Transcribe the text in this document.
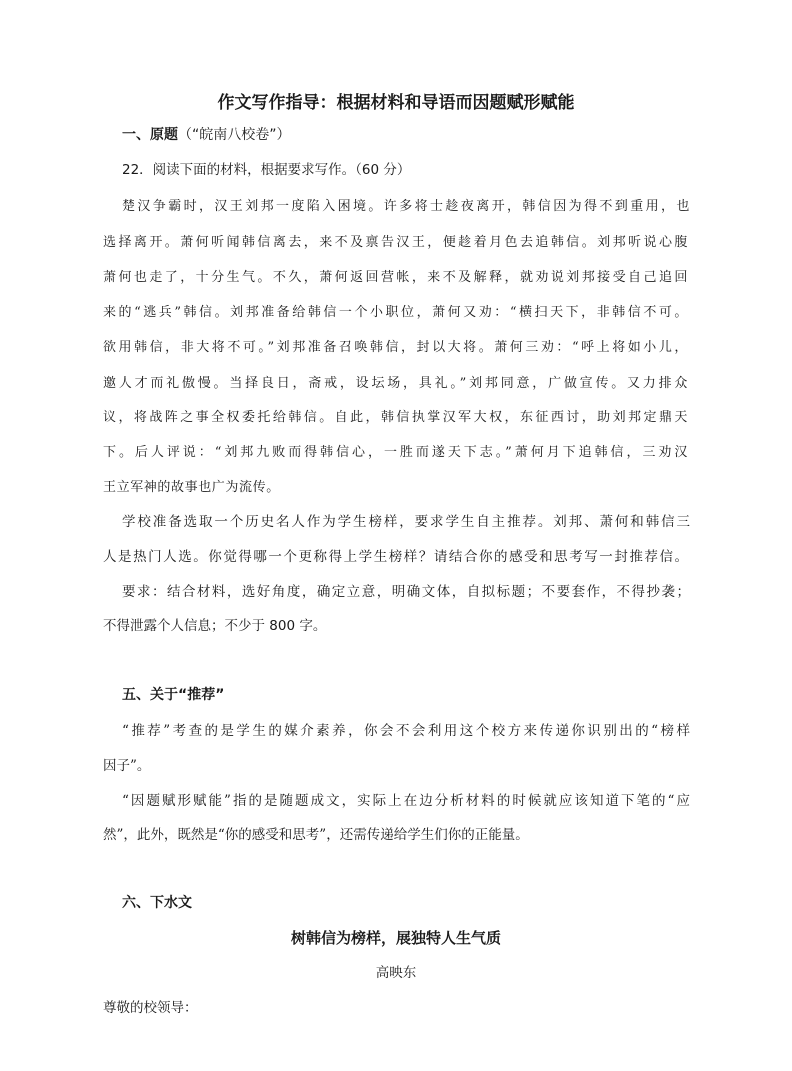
作文写作指导：根据材料和导语而因题赋形赋能
一、原题（“皖南八校卷”）
22．阅读下面的材料，根据要求写作。（60 分）
楚汉争霸时，汉王刘邦一度陷入困境。许多将士趁夜离开，韩信因为得不到重用，也
选择离开。萧何听闻韩信离去，来不及禀告汉王，便趁着月色去追韩信。刘邦听说心腹
萧何也走了，十分生气。不久，萧何返回营帐，来不及解释，就劝说刘邦接受自己追回
来的“逃兵”韩信。刘邦准备给韩信一个小职位，萧何又劝：“横扫天下，非韩信不可。
欲用韩信，非大将不可。”刘邦准备召唤韩信，封以大将。萧何三劝：“呼上将如小儿，
邀人才而礼傲慢。当择良日，斋戒，设坛场，具礼。”刘邦同意，广做宣传。又力排众
议，将战阵之事全权委托给韩信。自此，韩信执掌汉军大权，东征西讨，助刘邦定鼎天
下。后人评说：“刘邦九败而得韩信心，一胜而遂天下志。”萧何月下追韩信，三劝汉
王立军神的故事也广为流传。
学校准备选取一个历史名人作为学生榜样，要求学生自主推荐。刘邦、萧何和韩信三
人是热门人选。你觉得哪一个更称得上学生榜样？请结合你的感受和思考写一封推荐信。
要求：结合材料，选好角度，确定立意，明确文体，自拟标题；不要套作，不得抄袭；
不得泄露个人信息；不少于 800 字。
五、关于“推荐”
“推荐”考查的是学生的媒介素养，你会不会利用这个校方来传递你识别出的“榜样
因子”。
“因题赋形赋能”指的是随题成文，实际上在边分析材料的时候就应该知道下笔的“应
然”，此外，既然是“你的感受和思考”，还需传递给学生们你的正能量。
六、下水文
树韩信为榜样，展独特人生气质
高映东
尊敬的校领导：
